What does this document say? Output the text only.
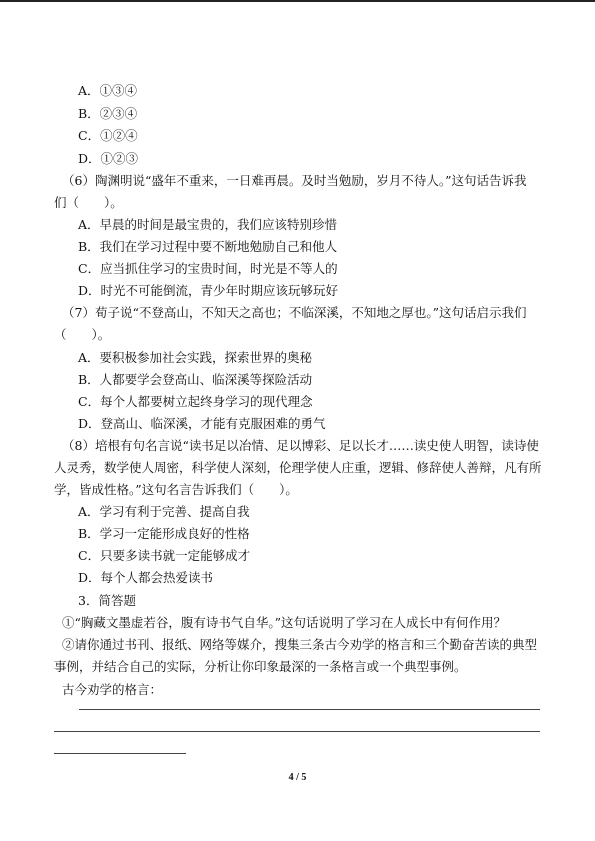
A．①③④
B．②③④
C．①②④
D．①②③
（6）陶渊明说“盛年不重来，一日难再晨。及时当勉励，岁月不待人。”这句话告诉我
们（　　）。
A．早晨的时间是最宝贵的，我们应该特别珍惜
B．我们在学习过程中要不断地勉励自己和他人
C．应当抓住学习的宝贵时间，时光是不等人的
D．时光不可能倒流，青少年时期应该玩够玩好
（7）荀子说“不登高山，不知天之高也；不临深溪，不知地之厚也。”这句话启示我们
（　　）。
A．要积极参加社会实践，探索世界的奥秘
B．人都要学会登高山、临深溪等探险活动
C．每个人都要树立起终身学习的现代理念
D．登高山、临深溪，才能有克服困难的勇气
（8）培根有句名言说“读书足以冶情、足以博彩、足以长才……读史使人明智，读诗使
人灵秀，数学使人周密，科学使人深刻，伦理学使人庄重，逻辑、修辞使人善辩，凡有所
学，皆成性格。”这句名言告诉我们（　　）。
A．学习有利于完善、提高自我
B．学习一定能形成良好的性格
C．只要多读书就一定能够成才
D．每个人都会热爱读书
3．简答题
①“胸藏文墨虚若谷，腹有诗书气自华。”这句话说明了学习在人成长中有何作用？
②请你通过书刊、报纸、网络等媒介，搜集三条古今劝学的格言和三个勤奋苦读的典型
事例，并结合自己的实际，分析让你印象最深的一条格言或一个典型事例。
古今劝学的格言：
4 / 5
